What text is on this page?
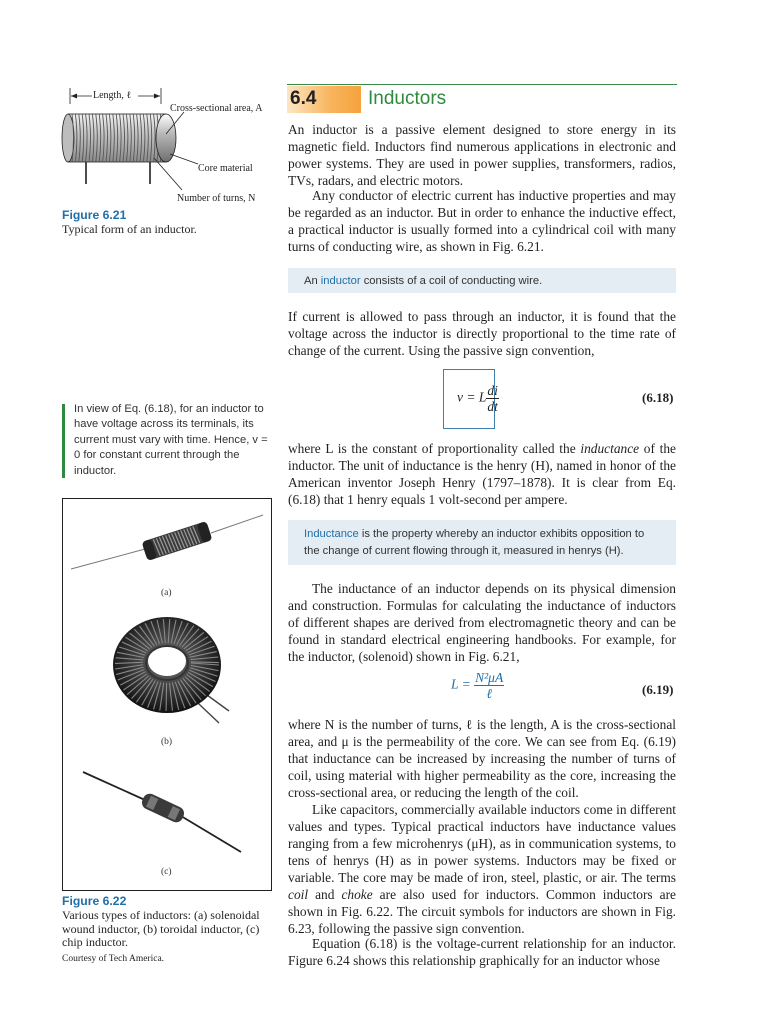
Length, ℓ
Cross-sectional area, A
Core material
Number of turns, N
Figure 6.21
Typical form of an inductor.
6.4	Inductors

An inductor is a passive element designed to store energy in its magnetic field. Inductors find numerous applications in electronic and power systems. They are used in power supplies, transformers, radios, TVs, radars, and electric motors.

Any conductor of electric current has inductive properties and may be regarded as an inductor. But in order to enhance the inductive effect, a practical inductor is usually formed into a cylindrical coil with many turns of conducting wire, as shown in Fig. 6.21.

An inductor consists of a coil of conducting wire.

If current is allowed to pass through an inductor, it is found that the voltage across the inductor is directly proportional to the time rate of change of the current. Using the passive sign convention,

v = L $\frac{di}{dt}$	(6.18)

where L is the constant of proportionality called the inductance of the inductor. The unit of inductance is the henry (H), named in honor of the American inventor Joseph Henry (1797–1878). It is clear from Eq. (6.18) that 1 henry equals 1 volt-second per ampere.

Inductance is the property whereby an inductor exhibits opposition to the change of current flowing through it, measured in henrys (H).

The inductance of an inductor depends on its physical dimension and construction. Formulas for calculating the inductance of inductors of different shapes are derived from electromagnetic theory and can be found in standard electrical engineering handbooks. For example, for the inductor, (solenoid) shown in Fig. 6.21,

$L = \frac{\text{N²μA}}{\text{ℓ}}$	(6.19)

where N is the number of turns, ℓ is the length, A is the cross-sectional area, and μ is the permeability of the core. We can see from Eq. (6.19) that inductance can be increased by increasing the number of turns of coil, using material with higher permeability as the core, increasing the cross-sectional area, or reducing the length of the coil.

Like capacitors, commercially available inductors come in different values and types. Typical practical inductors have inductance values ranging from a few microhenrys (μH), as in communication systems, to tens of henrys (H) as in power systems. Inductors may be fixed or variable. The core may be made of iron, steel, plastic, or air. The terms coil and choke are also used for inductors. Common inductors are shown in Fig. 6.22. The circuit symbols for inductors are shown in Fig. 6.23, following the passive sign convention.

Equation (6.18) is the voltage-current relationship for an inductor. Figure 6.24 shows this relationship graphically for an inductor whose

In view of Eq. (6.18), for an inductor to have voltage across its terminals, its current must vary with time. Hence, v = 0 for constant current through the inductor.
(a)
(b)
(c)
Figure 6.22
Various types of inductors: (a) solenoidal wound inductor, (b) toroidal inductor, (c) chip inductor.
Courtesy of Tech America.
